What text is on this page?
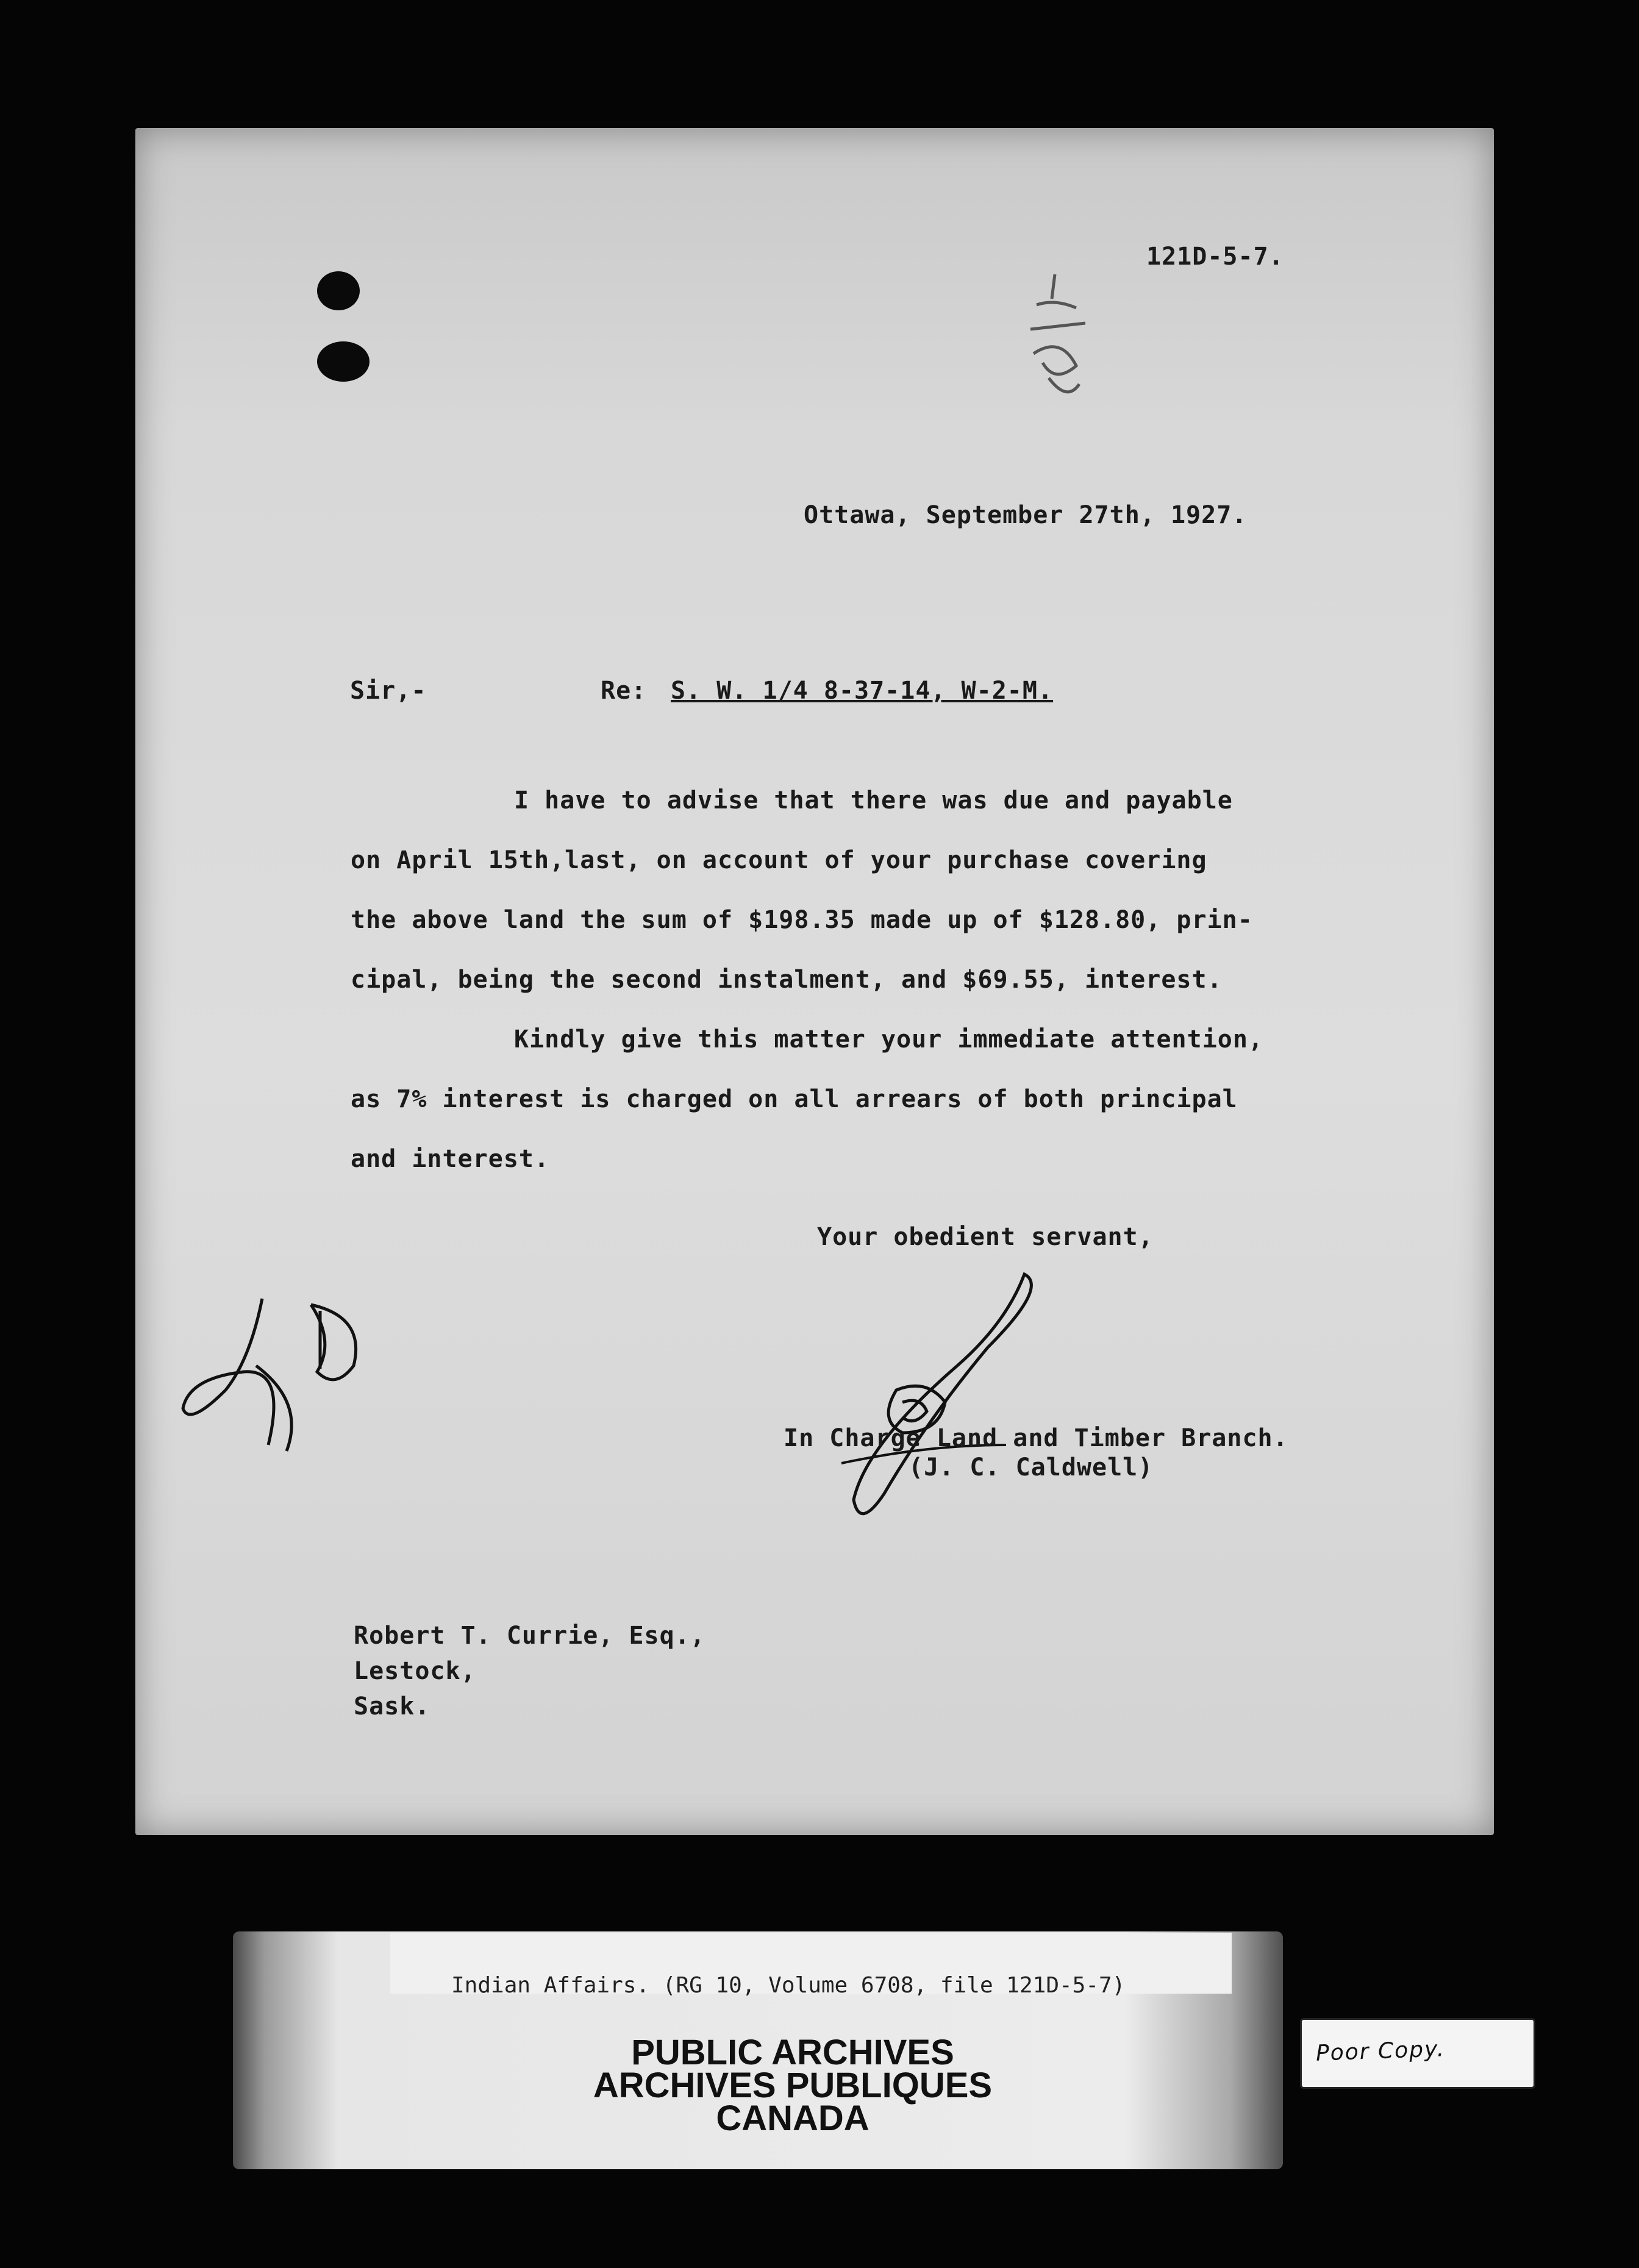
121D-5-7.
Ottawa, September 27th, 1927.
Sir,-	Re: S. W. 1/4 8-37-14, W-2-M.
I have to advise that there was due and payable
on April 15th,last, on account of your purchase covering
the above land the sum of $198.35 made up of $128.80, prin-
cipal, being the second instalment, and $69.55, interest.
Kindly give this matter your immediate attention,
as 7% interest is charged on all arrears of both principal
and interest.
Your obedient servant,
In Charge Land and Timber Branch.
(J. C. Caldwell)
Robert T. Currie, Esq.,
Lestock,
Sask.
Indian Affairs. (RG 10, Volume 6708, file 121D-5-7)
PUBLIC ARCHIVES
ARCHIVES PUBLIQUES
CANADA
Poor Copy.
